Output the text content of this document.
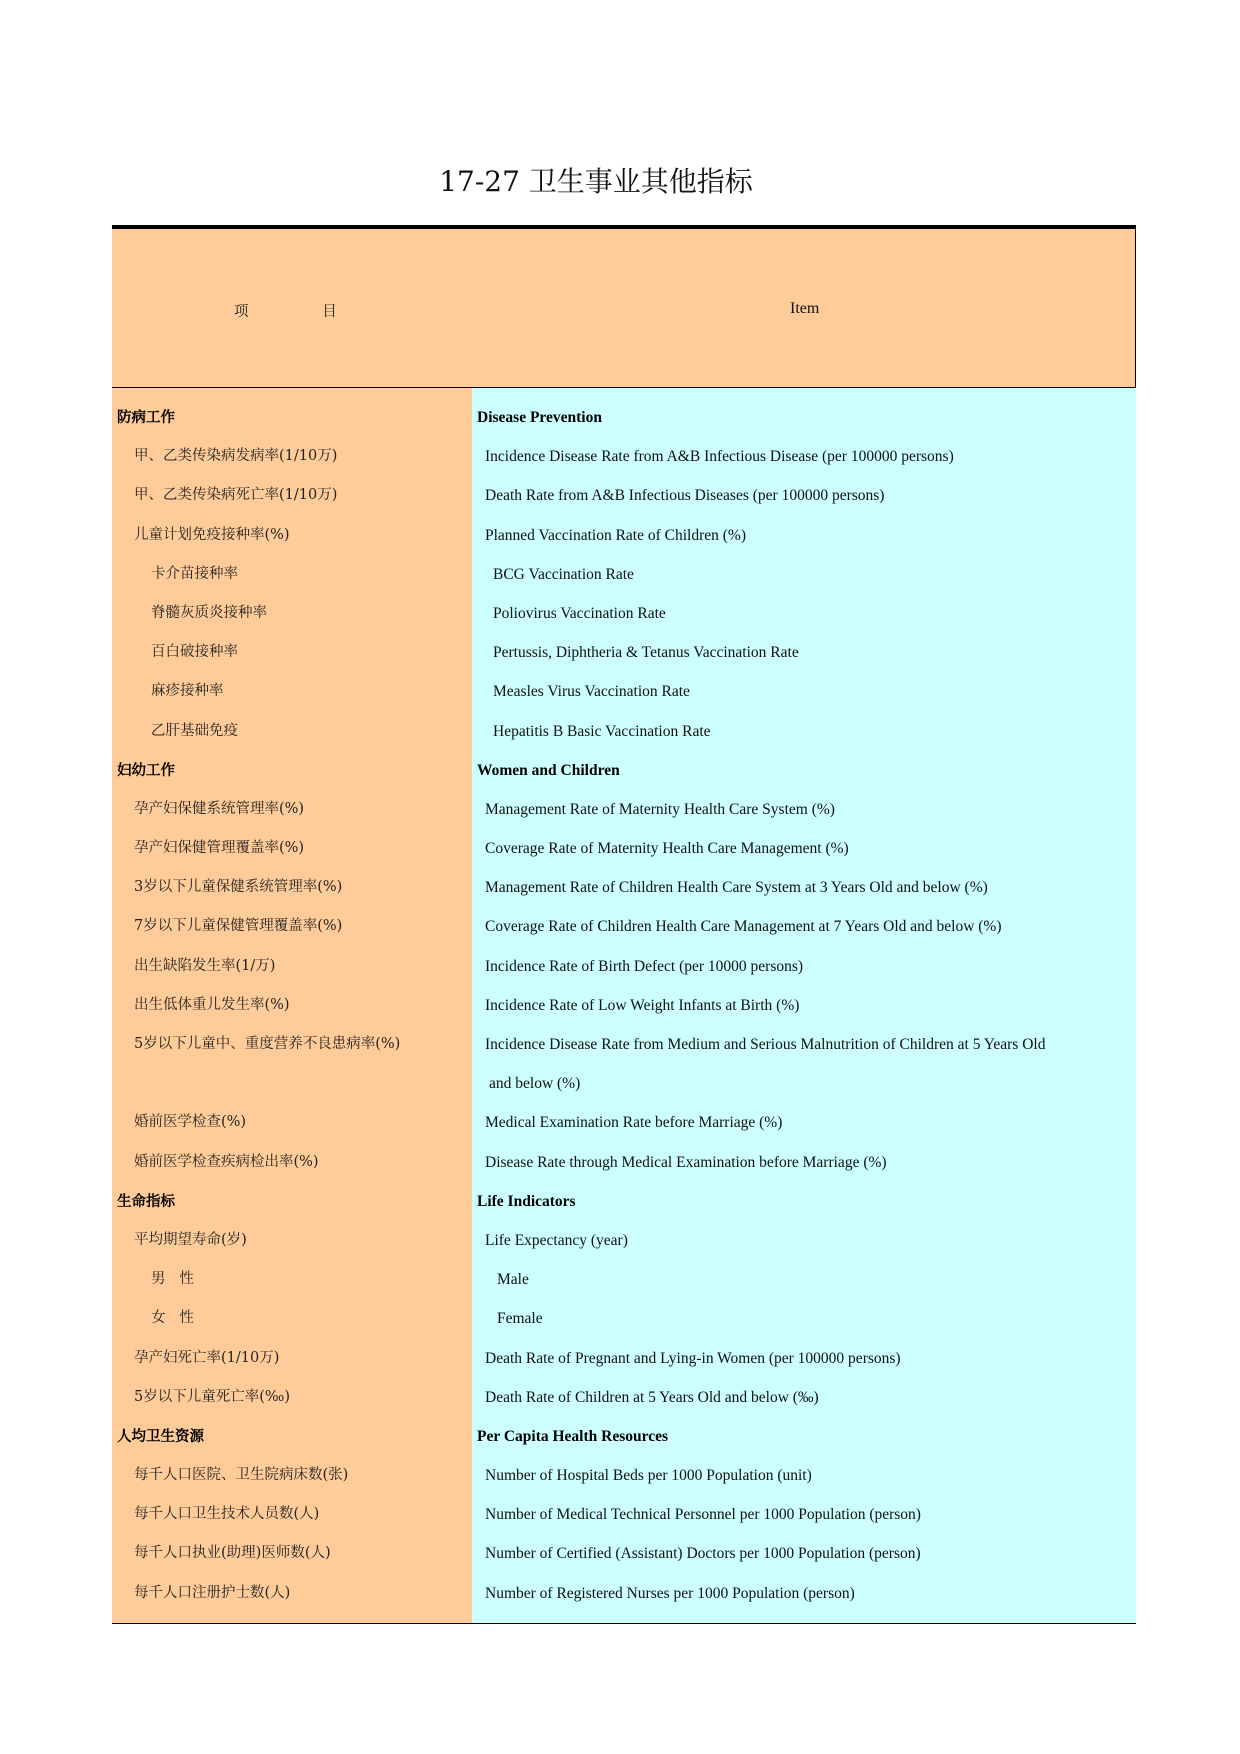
17-27 卫生事业其他指标
项                目	Item
防病工作
甲、乙类传染病发病率(1/10万)
甲、乙类传染病死亡率(1/10万)
儿童计划免疫接种率(%)
卡介苗接种率
脊髓灰质炎接种率
百白破接种率
麻疹接种率
乙肝基础免疫
妇幼工作
孕产妇保健系统管理率(%)
孕产妇保健管理覆盖率(%)
3岁以下儿童保健系统管理率(%)
7岁以下儿童保健管理覆盖率(%)
出生缺陷发生率(1/万)
出生低体重儿发生率(%)
5岁以下儿童中、重度营养不良患病率(%)
婚前医学检查(%)
婚前医学检查疾病检出率(%)
生命指标
平均期望寿命(岁)
男   性
女   性
孕产妇死亡率(1/10万)
5岁以下儿童死亡率(‰)
人均卫生资源
每千人口医院、卫生院病床数(张)
每千人口卫生技术人员数(人)
每千人口执业(助理)医师数(人)
每千人口注册护士数(人)
Disease Prevention
Incidence Disease Rate from A&B Infectious Disease (per 100000 persons)
Death Rate from A&B Infectious Diseases (per 100000 persons)
Planned Vaccination Rate of Children (%)
BCG Vaccination Rate
Poliovirus Vaccination Rate
Pertussis, Diphtheria & Tetanus Vaccination Rate
Measles Virus Vaccination Rate
Hepatitis B Basic Vaccination Rate
Women and Children
Management Rate of Maternity Health Care System (%)
Coverage Rate of Maternity Health Care Management (%)
Management Rate of Children Health Care System at 3 Years Old and below (%)
Coverage Rate of Children Health Care Management at 7 Years Old and below (%)
Incidence Rate of Birth Defect (per 10000 persons)
Incidence Rate of Low Weight Infants at Birth (%)
Incidence Disease Rate from Medium and Serious Malnutrition of Children at 5 Years Old
and below (%)
Medical Examination Rate before Marriage (%)
Disease Rate through Medical Examination before Marriage (%)
Life Indicators
Life Expectancy (year)
Male
Female
Death Rate of Pregnant and Lying-in Women (per 100000 persons)
Death Rate of Children at 5 Years Old and below (‰)
Per Capita Health Resources
Number of Hospital Beds per 1000 Population (unit)
Number of Medical Technical Personnel per 1000 Population (person)
Number of Certified (Assistant) Doctors per 1000 Population (person)
Number of Registered Nurses per 1000 Population (person)
